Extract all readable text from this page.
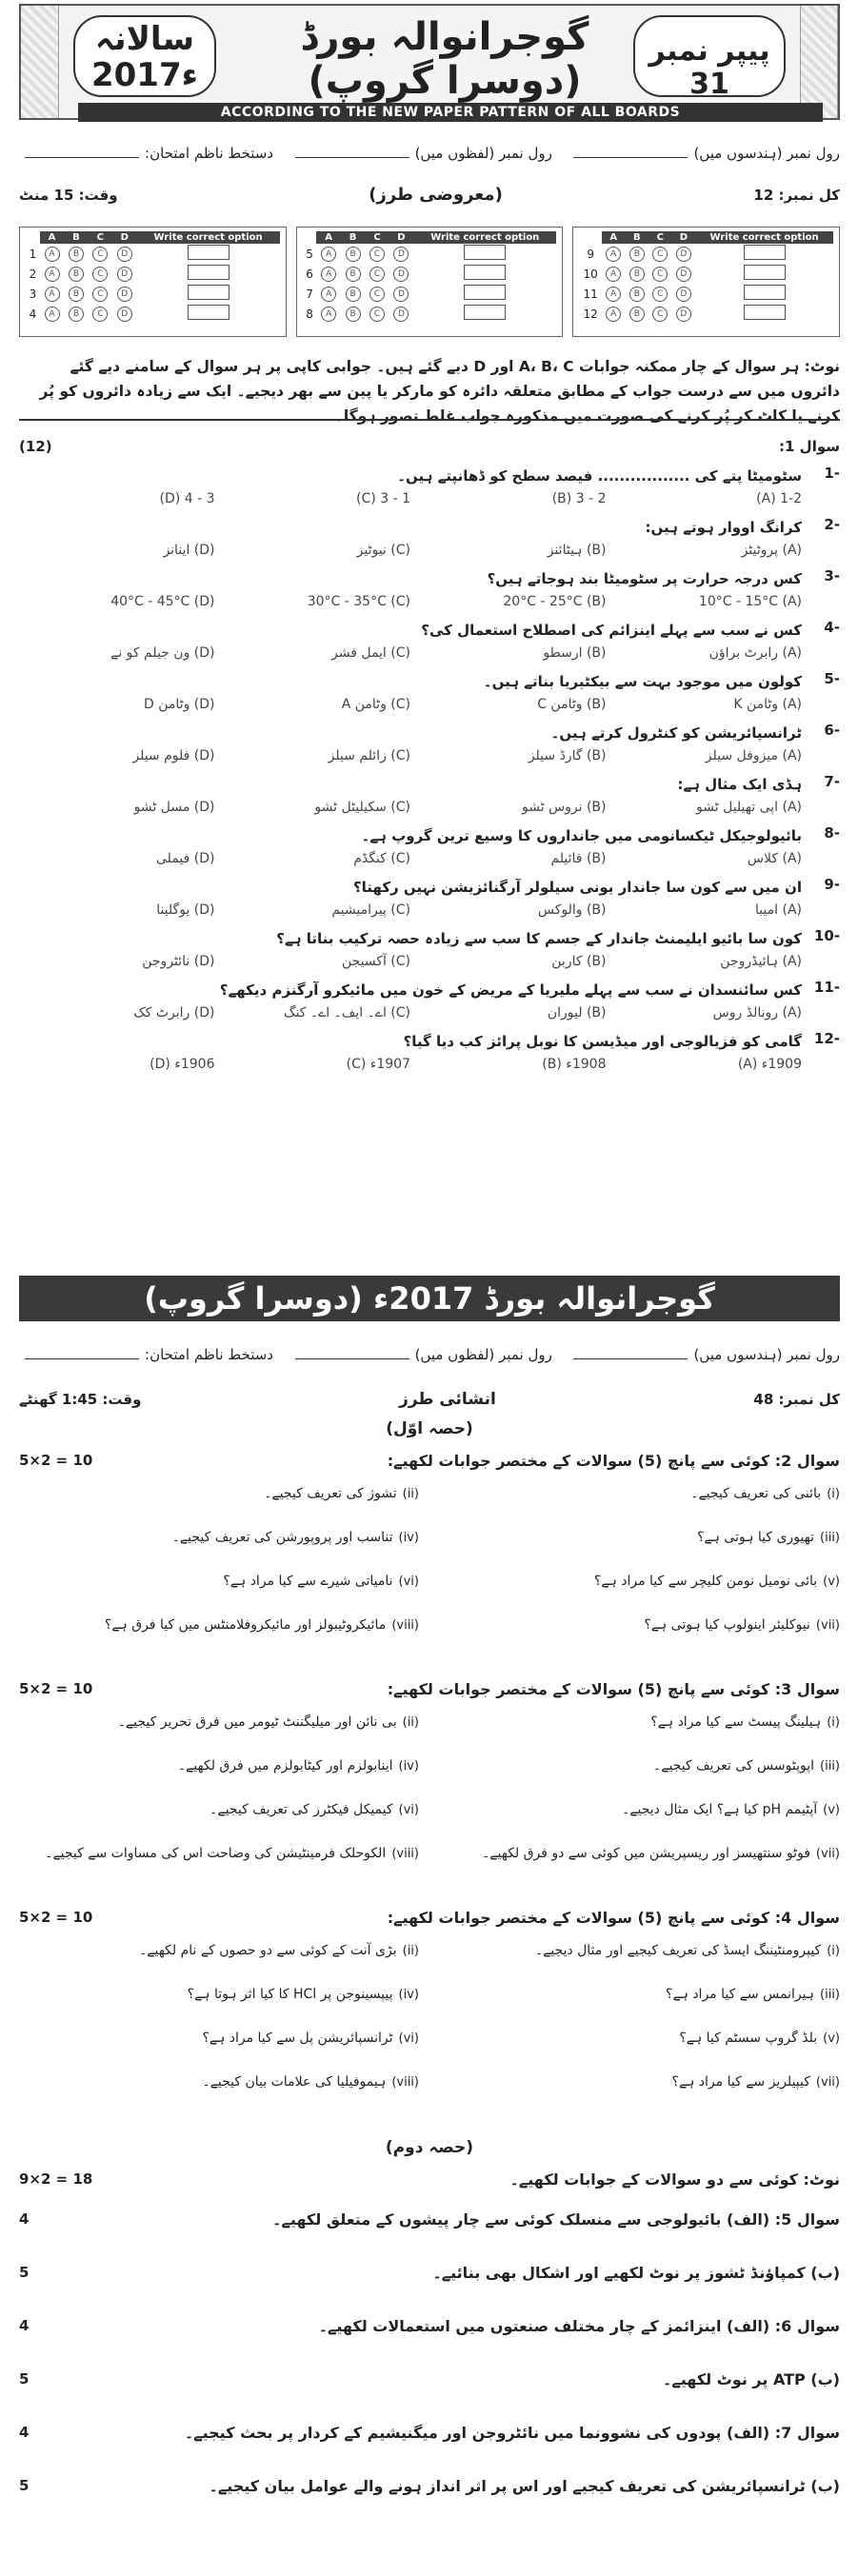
سالانہ
2017ء
گوجرانوالہ بورڈ (دوسرا گروپ)
پیپر نمبر 31
ACCORDING TO THE NEW PAPER PATTERN OF ALL BOARDS
رول نمبر (ہندسوں میں)
رول نمبر (لفظوں میں)
دستخط ناظم امتحان:
کل نمبر: 12
(معروضی طرز)
وقت: 15 منٹ
	A	B	C	D	Write correct option
1	A	B	C	D	
2	A	B	C	D	
3	A	B	C	D	
4	A	B	C	D	
	A	B	C	D	Write correct option
5	A	B	C	D	
6	A	B	C	D	
7	A	B	C	D	
8	A	B	C	D	
	A	B	C	D	Write correct option
9	A	B	C	D	
10	A	B	C	D	
11	A	B	C	D	
12	A	B	C	D	
نوٹ: ہر سوال کے چار ممکنہ جوابات A، B، C اور D دیے گئے ہیں۔ جوابی کاپی پر ہر سوال کے سامنے دیے گئے دائروں میں سے درست جواب کے مطابق متعلقہ دائرہ کو مارکر یا پین سے بھر دیجیے۔ ایک سے زیادہ دائروں کو پُر کرنے یا کاٹ کر پُر کرنے کی صورت میں مذکورہ جواب غلط تصور ہوگا۔
سوال 1:
(12)
-1
سٹومیٹا پتے کی ................. فیصد سطح کو ڈھانپتے ہیں۔
1-2 (A)
2 - 3 (B)
1 - 3 (C)
3 - 4 (D)
-2
کرانگ اووار ہوتے ہیں:
(A) پروٹیٹز
(B) ہیٹائنز
(C) نیوٹیز
(D) اینانز
-3
کس درجہ حرارت پر سٹومیٹا بند ہوجاتے ہیں؟
10°C - 15°C (A)
20°C - 25°C (B)
30°C - 35°C (C)
40°C - 45°C (D)
-4
کس نے سب سے پہلے اینزائم کی اصطلاح استعمال کی؟
(A) رابرٹ براؤن
(B) ارسطو
(C) ایمل فشر
(D) ون جیلم کو نے
-5
کولون میں موجود بہت سے بیکٹیریا بناتے ہیں۔
(A) وٹامن K
(B) وٹامن C
(C) وٹامن A
(D) وٹامن D
-6
ٹرانسپائریشن کو کنٹرول کرتے ہیں۔
(A) میزوفل سیلز
(B) گارڈ سیلز
(C) زائلم سیلز
(D) فلوم سیلز
-7
ہڈی ایک مثال ہے:
(A) اپی تھیلیل ٹشو
(B) نروس ٹشو
(C) سکیلیٹل ٹشو
(D) مسل ٹشو
-8
بائیولوجیکل ٹیکسانومی میں جانداروں کا وسیع ترین گروپ ہے۔
(A) کلاس
(B) فائیلم
(C) کنگڈم
(D) فیملی
-9
ان میں سے کون سا جاندار یونی سیلولر آرگنائزیشن نہیں رکھتا؟
(A) امیبا
(B) والوکس
(C) پیرامیشیم
(D) یوگلینا
-10
کون سا بائیو ایلیمنٹ جاندار کے جسم کا سب سے زیادہ حصہ ترکیب بناتا ہے؟
(A) ہائیڈروجن
(B) کاربن
(C) آکسیجن
(D) نائٹروجن
-11
کس سائنسدان نے سب سے پہلے ملیریا کے مریض کے خون میں مائیکرو آرگنزم دیکھے؟
(A) رونالڈ روس
(B) لیوران
(C) اے۔ ایف۔ اے۔ کنگ
(D) رابرٹ کک
-12
گامی کو فزیالوجی اور میڈیسن کا نوبل پرائز کب دیا گیا؟
1909ء (A)
1908ء (B)
1907ء (C)
1906ء (D)
گوجرانوالہ بورڈ 2017ء (دوسرا گروپ)
رول نمبر (ہندسوں میں)
رول نمبر (لفظوں میں)
دستخط ناظم امتحان:
کل نمبر: 48
انشائی طرز
وقت: 1:45 گھنٹے
(حصہ اوّل)
سوال 2: کوئی سے پانچ (5) سوالات کے مختصر جوابات لکھیے:
5×2 = 10
(i)بائنی کی تعریف کیجیے۔
(ii)تشوژ کی تعریف کیجیے۔
(iii)تھیوری کیا ہوتی ہے؟
(iv)تناسب اور پروپورشن کی تعریف کیجیے۔
(v)بائی نومیل نومن کلیچر سے کیا مراد ہے؟
(vi)نامیاتی شیرے سے کیا مراد ہے؟
(vii)نیوکلیئر اینولوپ کیا ہوتی ہے؟
(viii)مائیکروٹیبولز اور مائیکروفلامنٹس میں کیا فرق ہے؟
سوال 3: کوئی سے پانچ (5) سوالات کے مختصر جوابات لکھیے:
5×2 = 10
(i)ہیلینگ پیسٹ سے کیا مراد ہے؟
(ii)بی نائن اور میلیگننٹ ٹیومر میں فرق تحریر کیجیے۔
(iii)اپوپٹوسس کی تعریف کیجیے۔
(iv)اینابولزم اور کیٹابولزم میں فرق لکھیے۔
(v)آپٹیمم pH کیا ہے؟ ایک مثال دیجیے۔
(vi)کیمیکل فیکٹرز کی تعریف کیجیے۔
(vii)فوٹو سنتھیسز اور ریسپریشن میں کوئی سے دو فرق لکھیے۔
(viii)الکوحلک فرمینٹیشن کی وضاحت اس کی مساوات سے کیجیے۔
سوال 4: کوئی سے پانچ (5) سوالات کے مختصر جوابات لکھیے:
5×2 = 10
(i)کیپرومنٹیننگ ایسڈ کی تعریف کیجیے اور مثال دیجیے۔
(ii)بڑی آنت کے کوئی سے دو حصوں کے نام لکھیے۔
(iii)ہیرانمس سے کیا مراد ہے؟
(iv)پیپسینوجن پر HCl کا کیا اثر ہوتا ہے؟
(v)بلڈ گروپ سسٹم کیا ہے؟
(vi)ٹرانسپائریشن پل سے کیا مراد ہے؟
(vii)کیپیلریز سے کیا مراد ہے؟
(viii)ہیموفیلیا کی علامات بیان کیجیے۔
(حصہ دوم)
نوٹ: کوئی سے دو سوالات کے جوابات لکھیے۔
9×2 = 18
سوال 5: (الف) بائیولوجی سے منسلک کوئی سے چار پیشوں کے متعلق لکھیے۔
4
(ب) کمپاؤنڈ ٹشوز پر نوٹ لکھیے اور اشکال بھی بنائیے۔
5
سوال 6: (الف) اینزائمز کے چار مختلف صنعتوں میں استعمالات لکھیے۔
4
(ب) ATP پر نوٹ لکھیے۔
5
سوال 7: (الف) پودوں کی نشوونما میں نائٹروجن اور میگنیشیم کے کردار پر بحث کیجیے۔
4
(ب) ٹرانسپائریشن کی تعریف کیجیے اور اس پر اثر انداز ہونے والے عوامل بیان کیجیے۔
5
